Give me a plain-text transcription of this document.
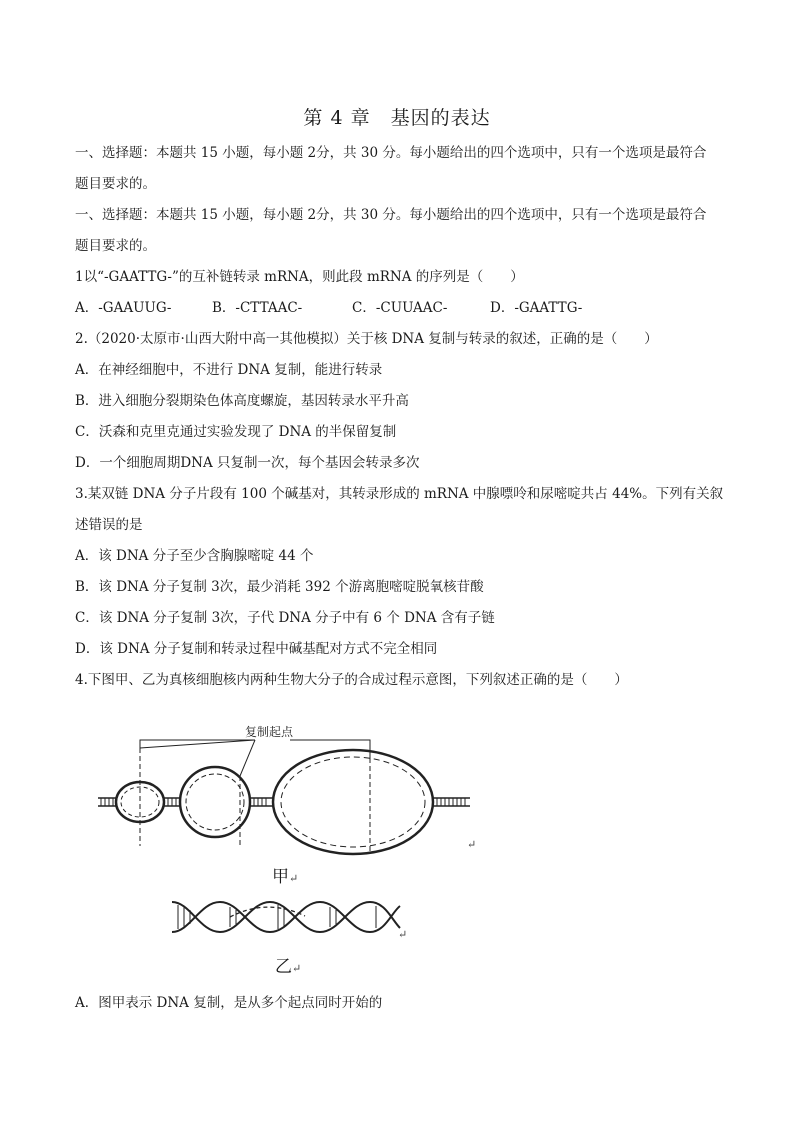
第 4 章　基因的表达
一、选择题：本题共 15 小题，每小题 2分，共 30 分。每小题给出的四个选项中，只有一个选项是最符合
题目要求的。
一、选择题：本题共 15 小题，每小题 2分，共 30 分。每小题给出的四个选项中，只有一个选项是最符合
题目要求的。
1以“-GAATTG-”的互补链转录 mRNA，则此段 mRNA 的序列是（　　）
A．-GAAUUG-	B．-CTTAAC-	C．-CUUAAC-	D．-GAATTG-
2.（2020·太原市·山西大附中高一其他模拟）关于核 DNA 复制与转录的叙述，正确的是（　　）
A．在神经细胞中，不进行 DNA 复制，能进行转录
B．进入细胞分裂期染色体高度螺旋，基因转录水平升高
C．沃森和克里克通过实验发现了 DNA 的半保留复制
D．一个细胞周期DNA 只复制一次，每个基因会转录多次
3.某双链 DNA 分子片段有 100 个碱基对，其转录形成的 mRNA 中腺嘌呤和尿嘧啶共占 44%。下列有关叙
述错误的是
A．该 DNA 分子至少含胸腺嘧啶 44 个
B．该 DNA 分子复制 3次，最少消耗 392 个游离胞嘧啶脱氧核苷酸
C．该 DNA 分子复制 3次，子代 DNA 分子中有 6 个 DNA 含有子链
D．该 DNA 分子复制和转录过程中碱基配对方式不完全相同
4.下图甲、乙为真核细胞核内两种生物大分子的合成过程示意图，下列叙述正确的是（　　）
复制起点
↵
甲↵
↵
乙↵
A．图甲表示 DNA 复制，是从多个起点同时开始的
